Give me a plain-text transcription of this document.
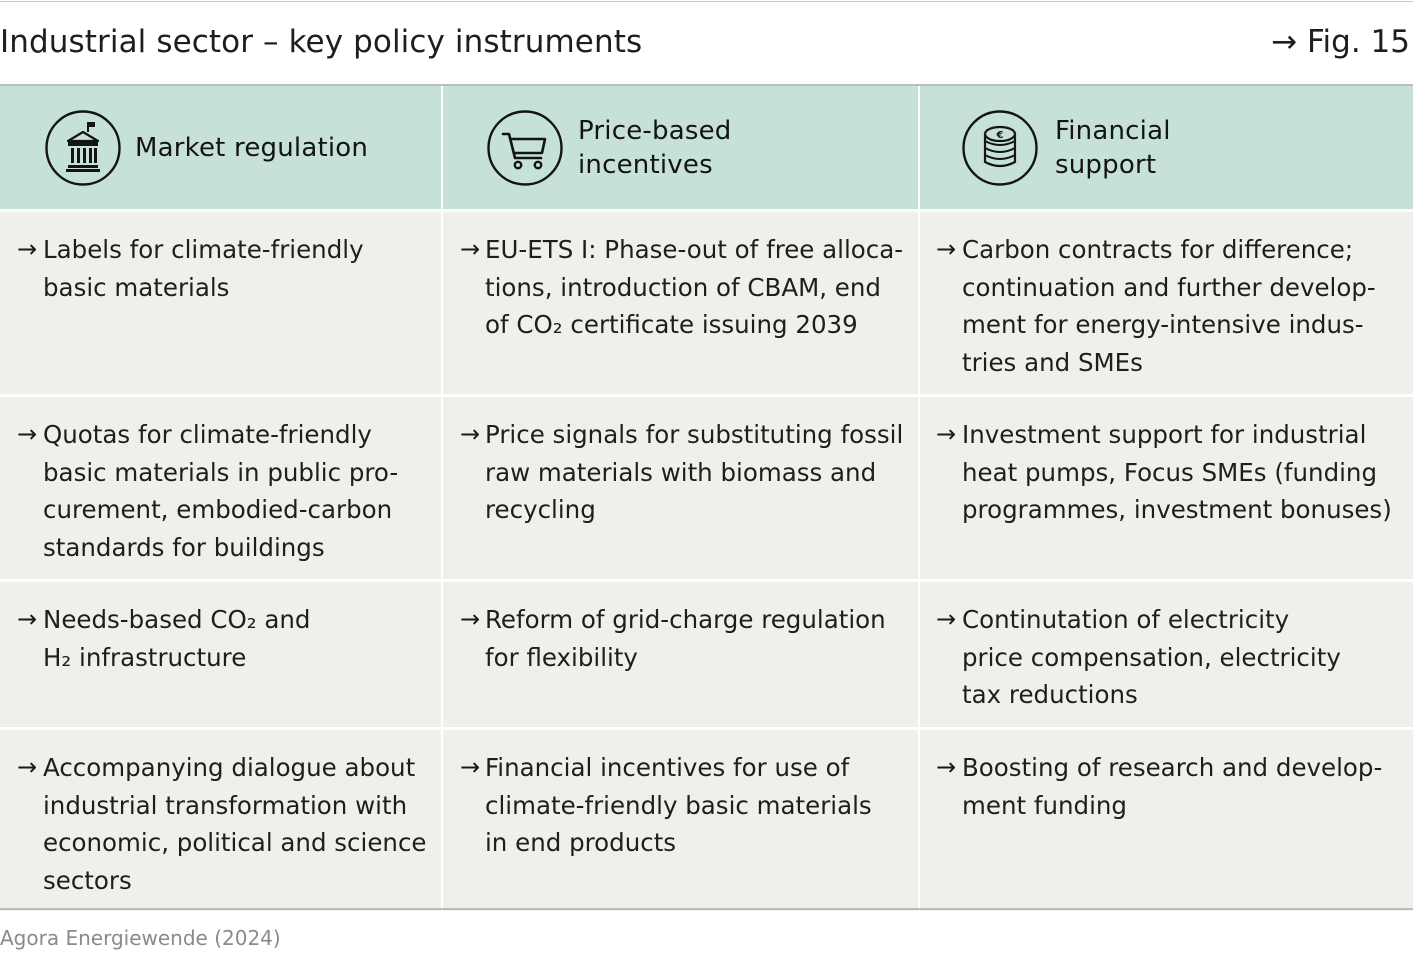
Industrial sector – key policy instruments	→ Fig. 15
Market regulation
Price-based
incentives
€ Financial
support
→ Labels for climate-friendly
basic materials
→ EU-ETS I: Phase-out of free alloca-
tions, introduction of CBAM, end
of CO₂ certificate issuing 2039
→ Carbon contracts for difference;
continuation and further develop-
ment for energy-intensive indus-
tries and SMEs
→ Quotas for climate-friendly
basic materials in public pro-
curement, embodied-carbon
standards for buildings
→ Price signals for substituting fossil
raw materials with biomass and
recycling
→ Investment support for industrial
heat pumps, Focus SMEs (funding
programmes, investment bonuses)
→ Needs-based CO₂ and
H₂ infrastructure
→ Reform of grid-charge regulation
for flexibility
→ Continutation of electricity
price compensation, electricity
tax reductions
→ Accompanying dialogue about
industrial transformation with
economic, political and science
sectors
→ Financial incentives for use of
climate-friendly basic materials
in end products
→ Boosting of research and develop-
ment funding
Agora Energiewende (2024)
